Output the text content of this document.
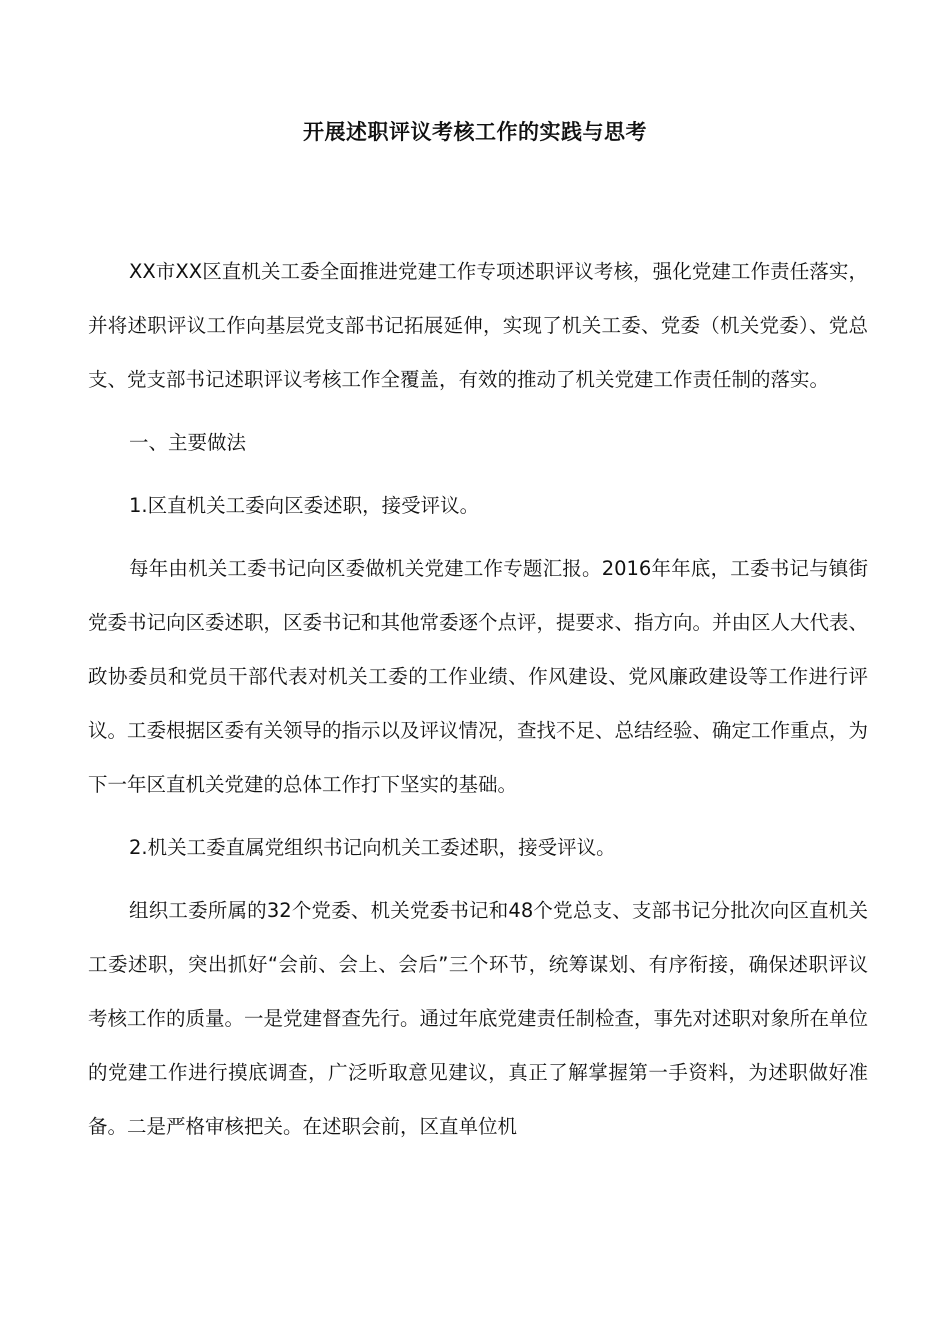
开展述职评议考核工作的实践与思考

XX市XX区直机关工委全面推进党建工作专项述职评议考核，强化党建工作责任落实，并将述职评议工作向基层党支部书记拓展延伸，实现了机关工委、党委（机关党委）、党总支、党支部书记述职评议考核工作全覆盖，有效的推动了机关党建工作责任制的落实。

一、主要做法

1.区直机关工委向区委述职，接受评议。

每年由机关工委书记向区委做机关党建工作专题汇报。2016年年底，工委书记与镇街党委书记向区委述职，区委书记和其他常委逐个点评，提要求、指方向。并由区人大代表、政协委员和党员干部代表对机关工委的工作业绩、作风建设、党风廉政建设等工作进行评议。工委根据区委有关领导的指示以及评议情况，查找不足、总结经验、确定工作重点，为下一年区直机关党建的总体工作打下坚实的基础。

2.机关工委直属党组织书记向机关工委述职，接受评议。

组织工委所属的32个党委、机关党委书记和48个党总支、支部书记分批次向区直机关工委述职，突出抓好“会前、会上、会后”三个环节，统筹谋划、有序衔接，确保述职评议考核工作的质量。一是党建督查先行。通过年底党建责任制检查，事先对述职对象所在单位的党建工作进行摸底调查，广泛听取意见建议，真正了解掌握第一手资料，为述职做好准备。二是严格审核把关。在述职会前，区直单位机
